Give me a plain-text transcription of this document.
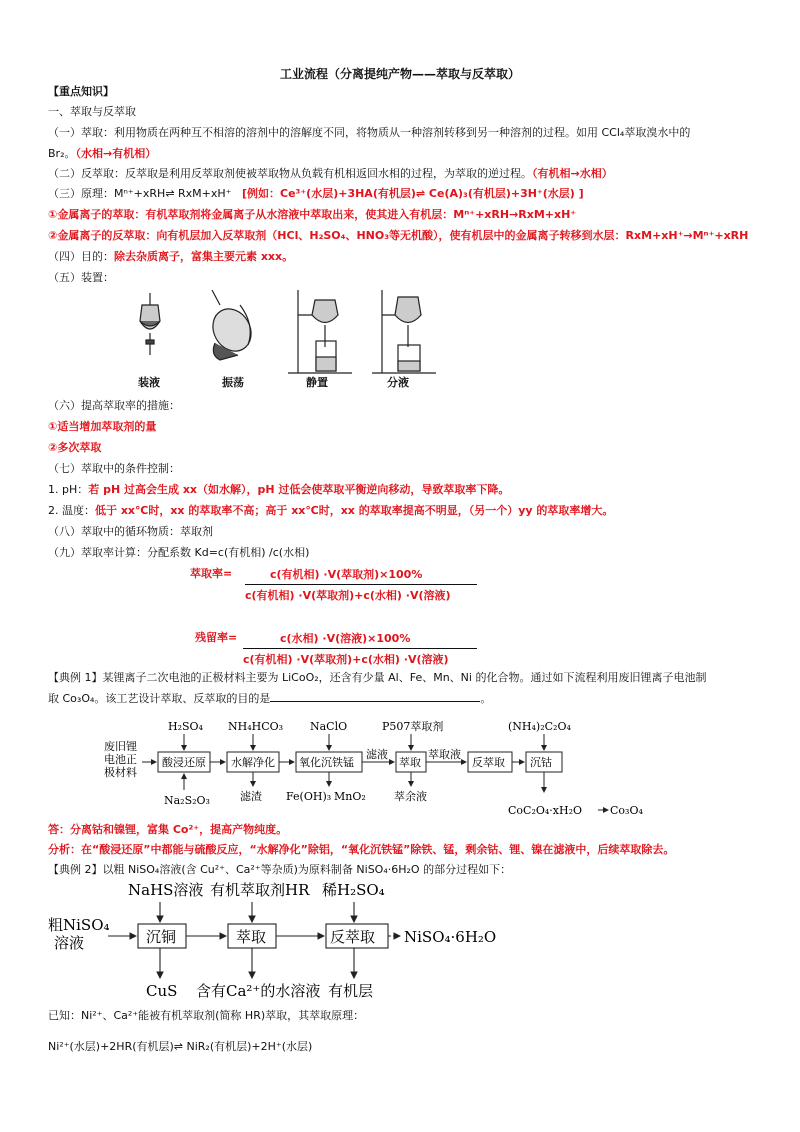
工业流程（分离提纯产物——萃取与反萃取）
【重点知识】
一、萃取与反萃取
（一）萃取：利用物质在两种互不相溶的溶剂中的溶解度不同，将物质从一种溶剂转移到另一种溶剂的过程。如用 CCl₄萃取溴水中的
Br₂。（水相→有机相）
（二）反萃取：反萃取是利用反萃取剂使被萃取物从负载有机相返回水相的过程，为萃取的逆过程。（有机相→水相）
（三）原理：Mⁿ⁺+xRH⇌ RxM+xH⁺ [例如：Ce³⁺(水层)+3HA(有机层)⇌ Ce(A)₃(有机层)+3H⁺(水层) ]
①金属离子的萃取：有机萃取剂将金属离子从水溶液中萃取出来，使其进入有机层：Mⁿ⁺+xRH→RxM+xH⁺
②金属离子的反萃取：向有机层加入反萃取剂（HCl、H₂SO₄、HNO₃等无机酸），使有机层中的金属离子转移到水层：RxM+xH⁺→Mⁿ⁺+xRH
（四）目的：除去杂质离子，富集主要元素 xxx。
（五）装置：
装液	振荡	静置	分液
（六）提高萃取率的措施：
①适当增加萃取剂的量
②多次萃取
（七）萃取中的条件控制：
1. pH：若 pH 过高会生成 xx（如水解），pH 过低会使萃取平衡逆向移动，导致萃取率下降。
2. 温度：低于 xx℃时，xx 的萃取率不高；高于 xx℃时，xx 的萃取率提高不明显，（另一个）yy 的萃取率增大。
（八）萃取中的循环物质：萃取剂
（九）萃取率计算：分配系数 Kd=c(有机相) /c(水相)
萃取率=	c(有机相) ·V(萃取剂)×100%
c(有机相) ·V(萃取剂)+c(水相) ·V(溶液)
残留率=	c(水相) ·V(溶液)×100%
c(有机相) ·V(萃取剂)+c(水相) ·V(溶液)
【典例 1】某锂离子二次电池的正极材料主要为 LiCoO₂，还含有少量 Al、Fe、Mn、Ni 的化合物。通过如下流程利用废旧锂离子电池制
取 Co₃O₄。该工艺设计萃取、反萃取的目的是	。
废旧锂
电池正
极材料
酸浸还原 水解净化 氧化沉铁锰	萃取	反萃取 沉钴
H₂SO₄ NH₄HCO₃ NaClO	P507萃取剂	(NH₄)₂C₂O₄
Na₂S₂O₃	滤渣 Fe(OH)₃ MnO₂	萃余液
滤液	萃取液
CoC₂O₄·xH₂O	Co₃O₄
答：分离钴和镍锂，富集 Co²⁺，提高产物纯度。
分析：在“酸浸还原”中都能与硫酸反应，“水解净化”除铝，“氧化沉铁锰”除铁、锰，剩余钴、锂、镍在滤液中，后续萃取除去。
【典例 2】以粗 NiSO₄溶液(含 Cu²⁺、Ca²⁺等杂质)为原料制备 NiSO₄·6H₂O 的部分过程如下：
NaHS溶液 有机萃取剂HR 稀H₂SO₄
粗NiSO₄
溶液	沉铜	萃取	反萃取 NiSO₄·6H₂O
CuS 含有Ca²⁺的水溶液 有机层
已知：Ni²⁺、Ca²⁺能被有机萃取剂(简称 HR)萃取，其萃取原理：
Ni²⁺(水层)+2HR(有机层)⇌ NiR₂(有机层)+2H⁺(水层)
